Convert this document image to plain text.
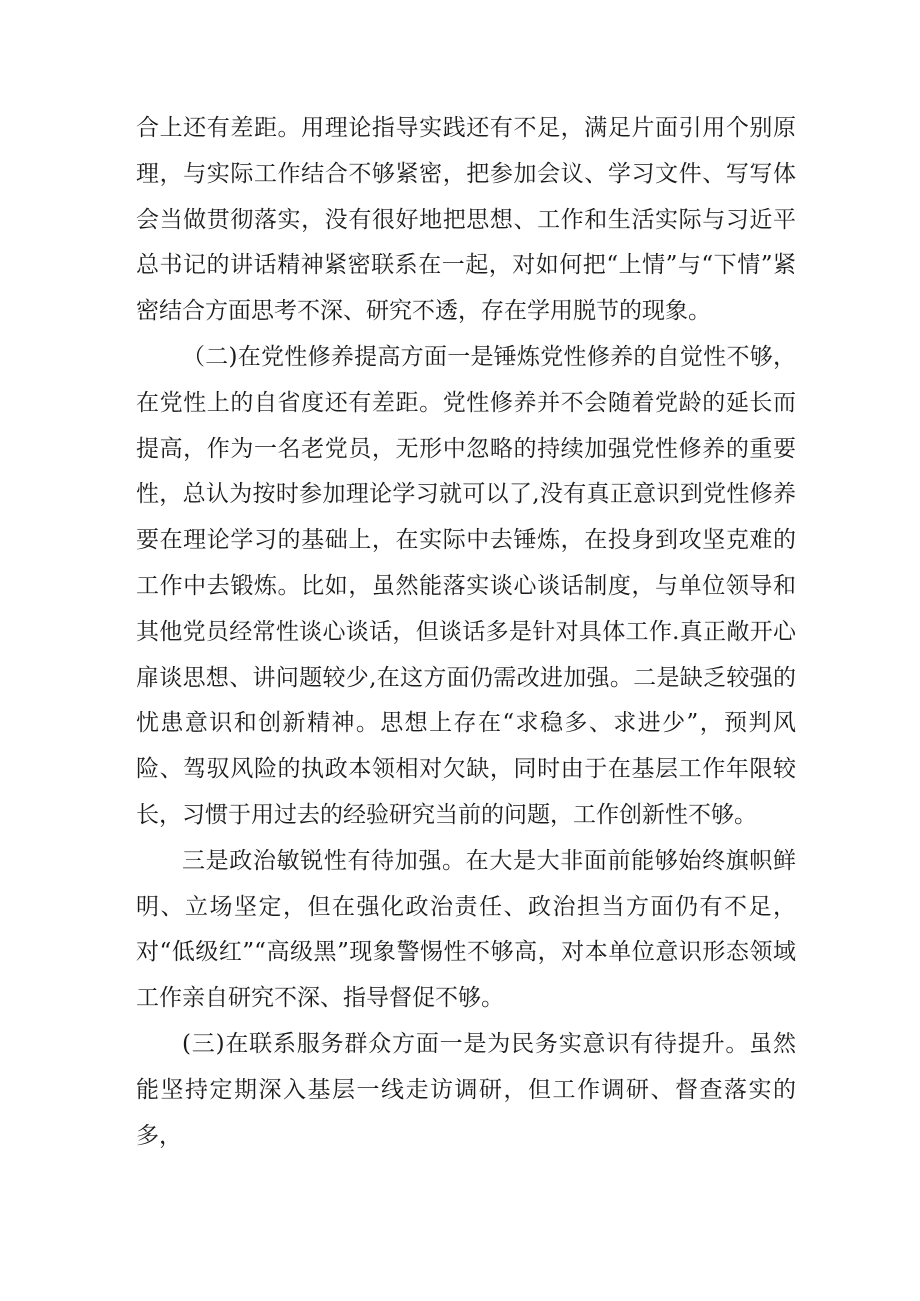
合上还有差距。用理论指导实践还有不足，满足片面引用个别原理，与实际工作结合不够紧密，把参加会议、学习文件、写写体会当做贯彻落实，没有很好地把思想、工作和生活实际与习近平总书记的讲话精神紧密联系在一起，对如何把“上情”与“下情”紧密结合方面思考不深、研究不透，存在学用脱节的现象。

（二)在党性修养提高方面一是锤炼党性修养的自觉性不够，在党性上的自省度还有差距。党性修养并不会随着党龄的延长而提高，作为一名老党员，无形中忽略的持续加强党性修养的重要性，总认为按时参加理论学习就可以了,没有真正意识到党性修养要在理论学习的基础上，在实际中去锤炼，在投身到攻坚克难的工作中去锻炼。比如，虽然能落实谈心谈话制度，与单位领导和其他党员经常性谈心谈话，但谈话多是针对具体工作.真正敞开心扉谈思想、讲问题较少,在这方面仍需改进加强。二是缺乏较强的忧患意识和创新精神。思想上存在“求稳多、求进少”，预判风险、驾驭风险的执政本领相对欠缺，同时由于在基层工作年限较长，习惯于用过去的经验研究当前的问题，工作创新性不够。

三是政治敏锐性有待加强。在大是大非面前能够始终旗帜鲜明、立场坚定，但在强化政治责任、政治担当方面仍有不足，对“低级红”“高级黑”现象警惕性不够高，对本单位意识形态领域工作亲自研究不深、指导督促不够。

(三)在联系服务群众方面一是为民务实意识有待提升。虽然能坚持定期深入基层一线走访调研，但工作调研、督查落实的多，
